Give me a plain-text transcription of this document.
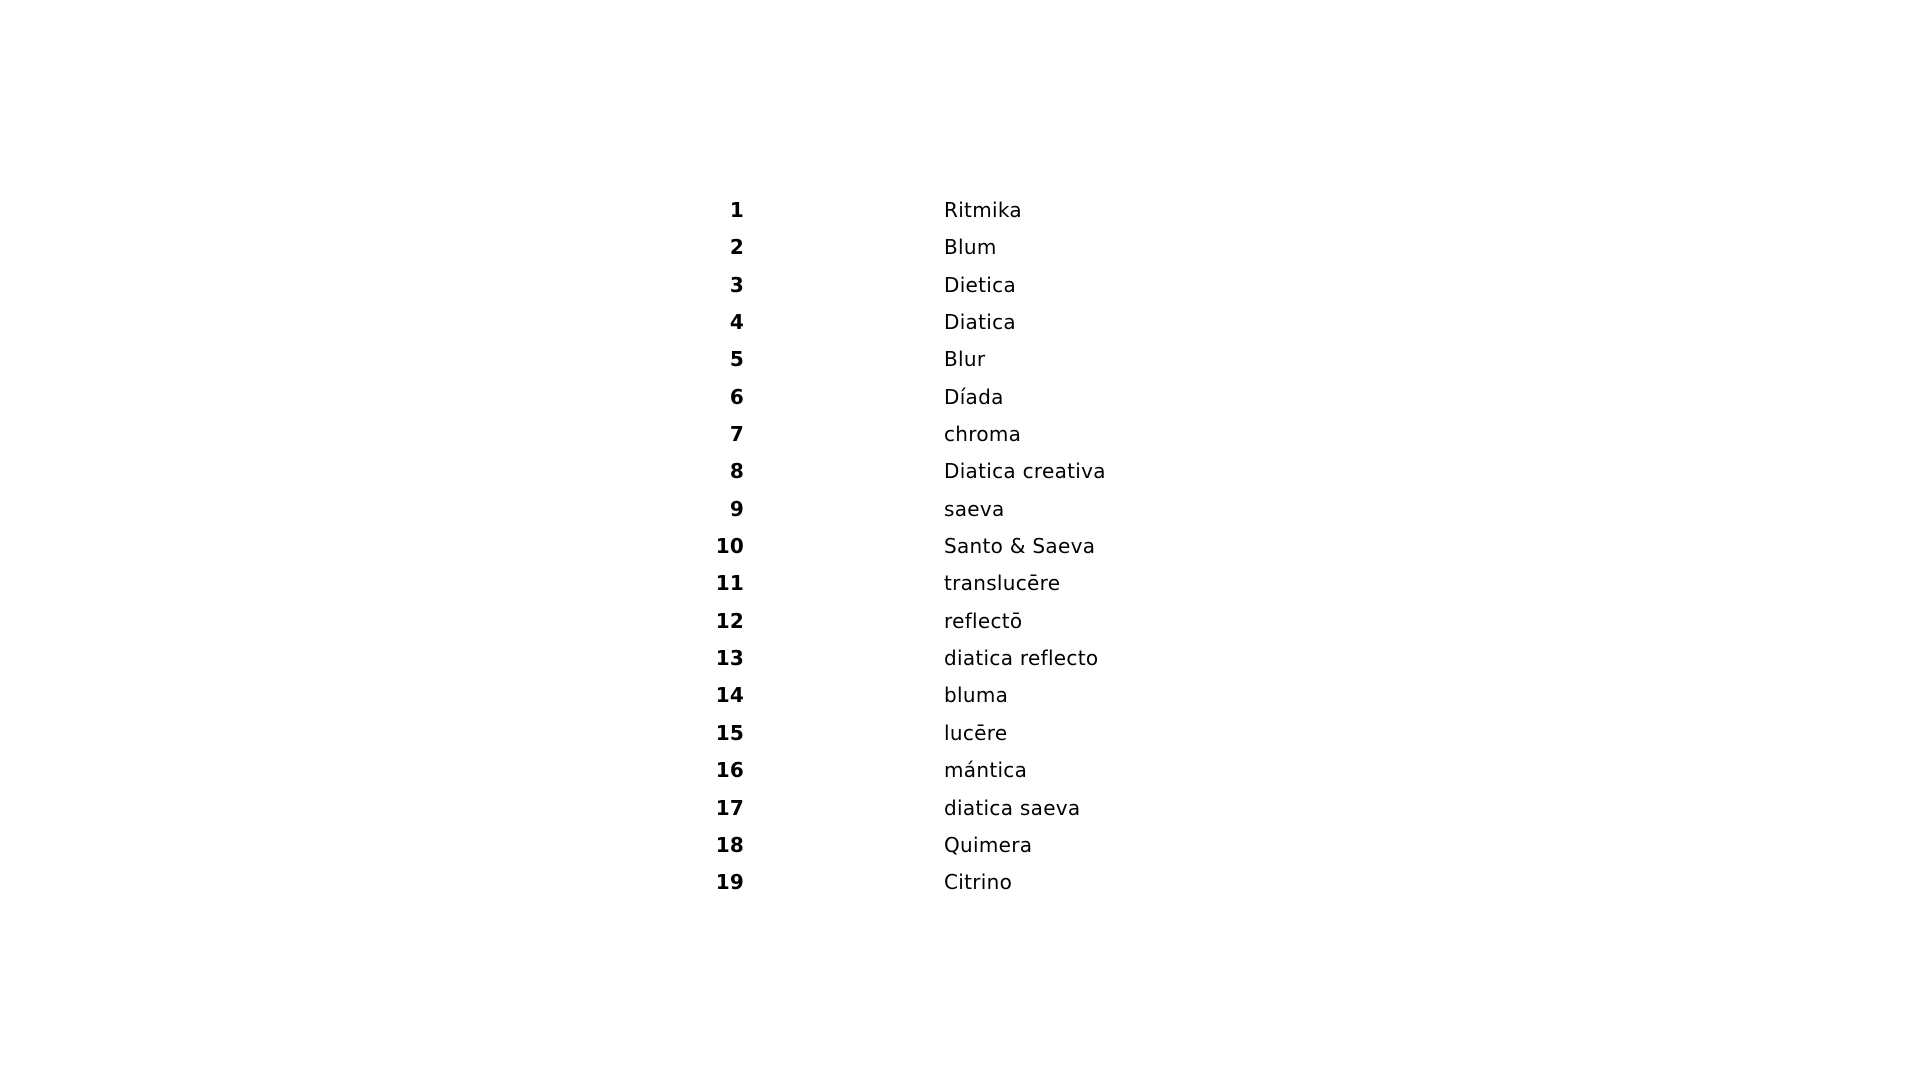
1	Ritmika
2	Blum
3	Dietica
4	Diatica
5	Blur
6	Díada
7	chroma
8	Diatica creativa
9	saeva
10	Santo & Saeva
11	translucēre
12	reflectō
13	diatica reflecto
14	bluma
15	lucēre
16	mántica
17	diatica saeva
18	Quimera
19	Citrino
